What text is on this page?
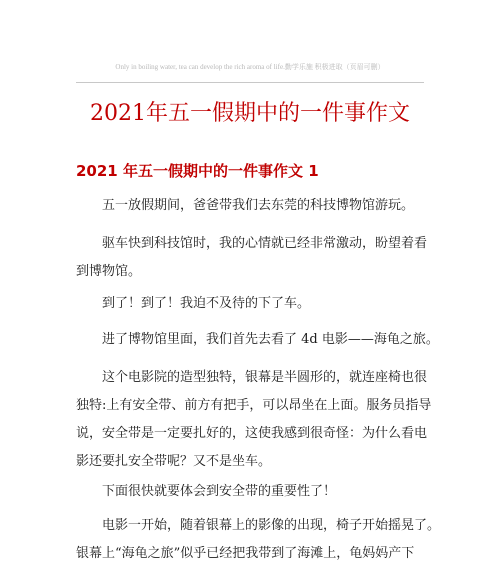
Only in boiling water, tea can develop the rich aroma of life.勤学乐施 积极进取（页眉可删）
2021年五一假期中的一件事作文
2021 年五一假期中的一件事作文 1
五一放假期间，爸爸带我们去东莞的科技博物馆游玩。
驱车快到科技馆时，我的心情就已经非常激动，盼望着看
到博物馆。
到了！到了！我迫不及待的下了车。
进了博物馆里面，我们首先去看了 4d 电影——海龟之旅。
这个电影院的造型独特，银幕是半圆形的，就连座椅也很
独特:上有安全带、前方有把手，可以昂坐在上面。服务员指导
说，安全带是一定要扎好的，这使我感到很奇怪：为什么看电
影还要扎安全带呢？又不是坐车。
下面很快就要体会到安全带的重要性了！
电影一开始，随着银幕上的影像的出现，椅子开始摇晃了。
银幕上“海龟之旅”似乎已经把我带到了海滩上，龟妈妈产下
